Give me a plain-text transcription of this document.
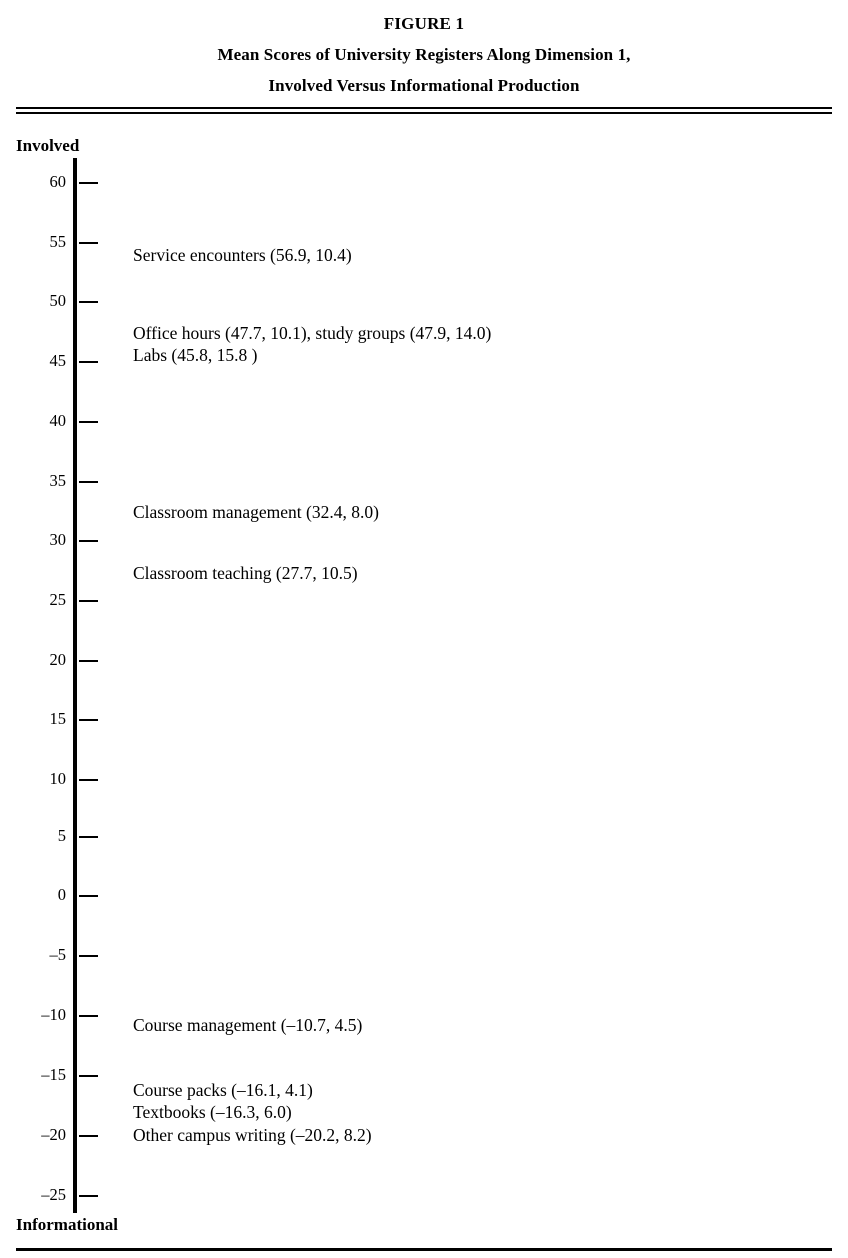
FIGURE 1
Mean Scores of University Registers Along Dimension 1,
Involved Versus Informational Production
Involved
Informational
60
55
50
45
40
35
30
25
20
15
10
5
0
–5
–10
–15
–20
–25
Service encounters (56.9, 10.4)
Office hours (47.7, 10.1), study groups (47.9, 14.0)
Labs (45.8, 15.8 )
Classroom management (32.4, 8.0)
Classroom teaching (27.7, 10.5)
Course management (–10.7, 4.5)
Course packs (–16.1, 4.1)
Textbooks (–16.3, 6.0)
Other campus writing (–20.2, 8.2)
